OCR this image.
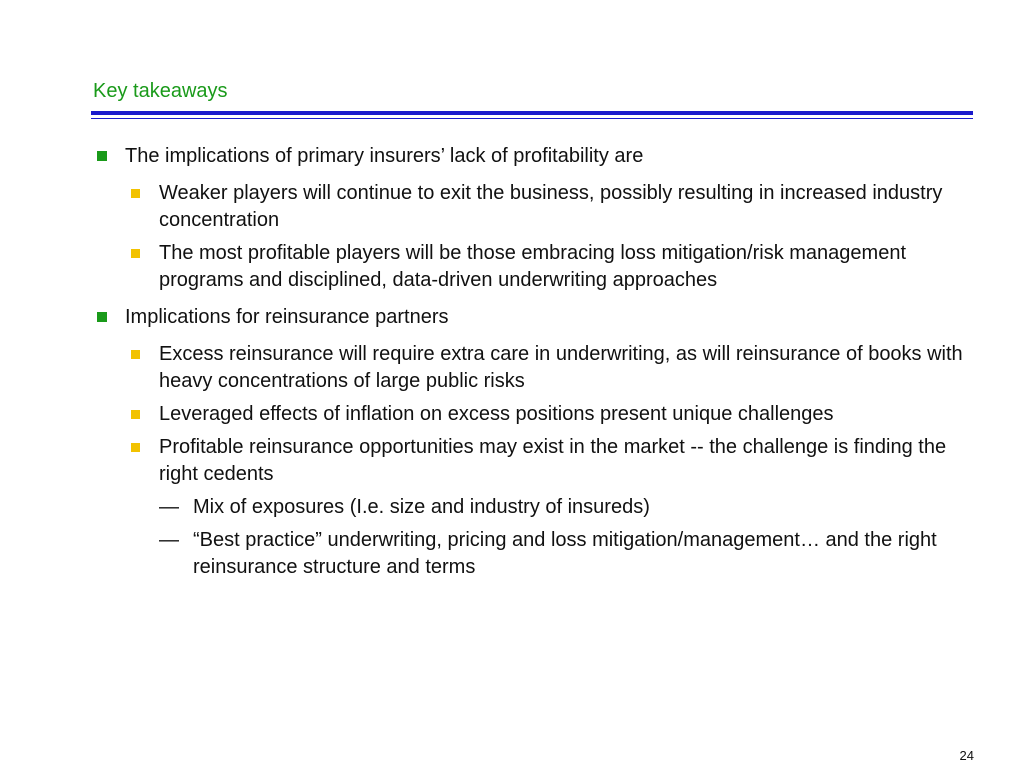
Key takeaways
The implications of primary insurers’ lack of profitability are
Weaker players will continue to exit the business, possibly resulting in increased industry concentration
The most profitable players will be those embracing loss mitigation/risk management programs and disciplined, data-driven underwriting approaches
Implications for reinsurance partners
Excess reinsurance will require extra care in underwriting, as will reinsurance of books with heavy concentrations of large public risks
Leveraged effects of inflation on excess positions present unique challenges
Profitable reinsurance opportunities may exist in the market -- the challenge is finding the right cedents
— Mix of exposures (I.e. size and industry of insureds)
— “Best practice” underwriting, pricing and loss mitigation/management… and the right reinsurance structure and terms
24
